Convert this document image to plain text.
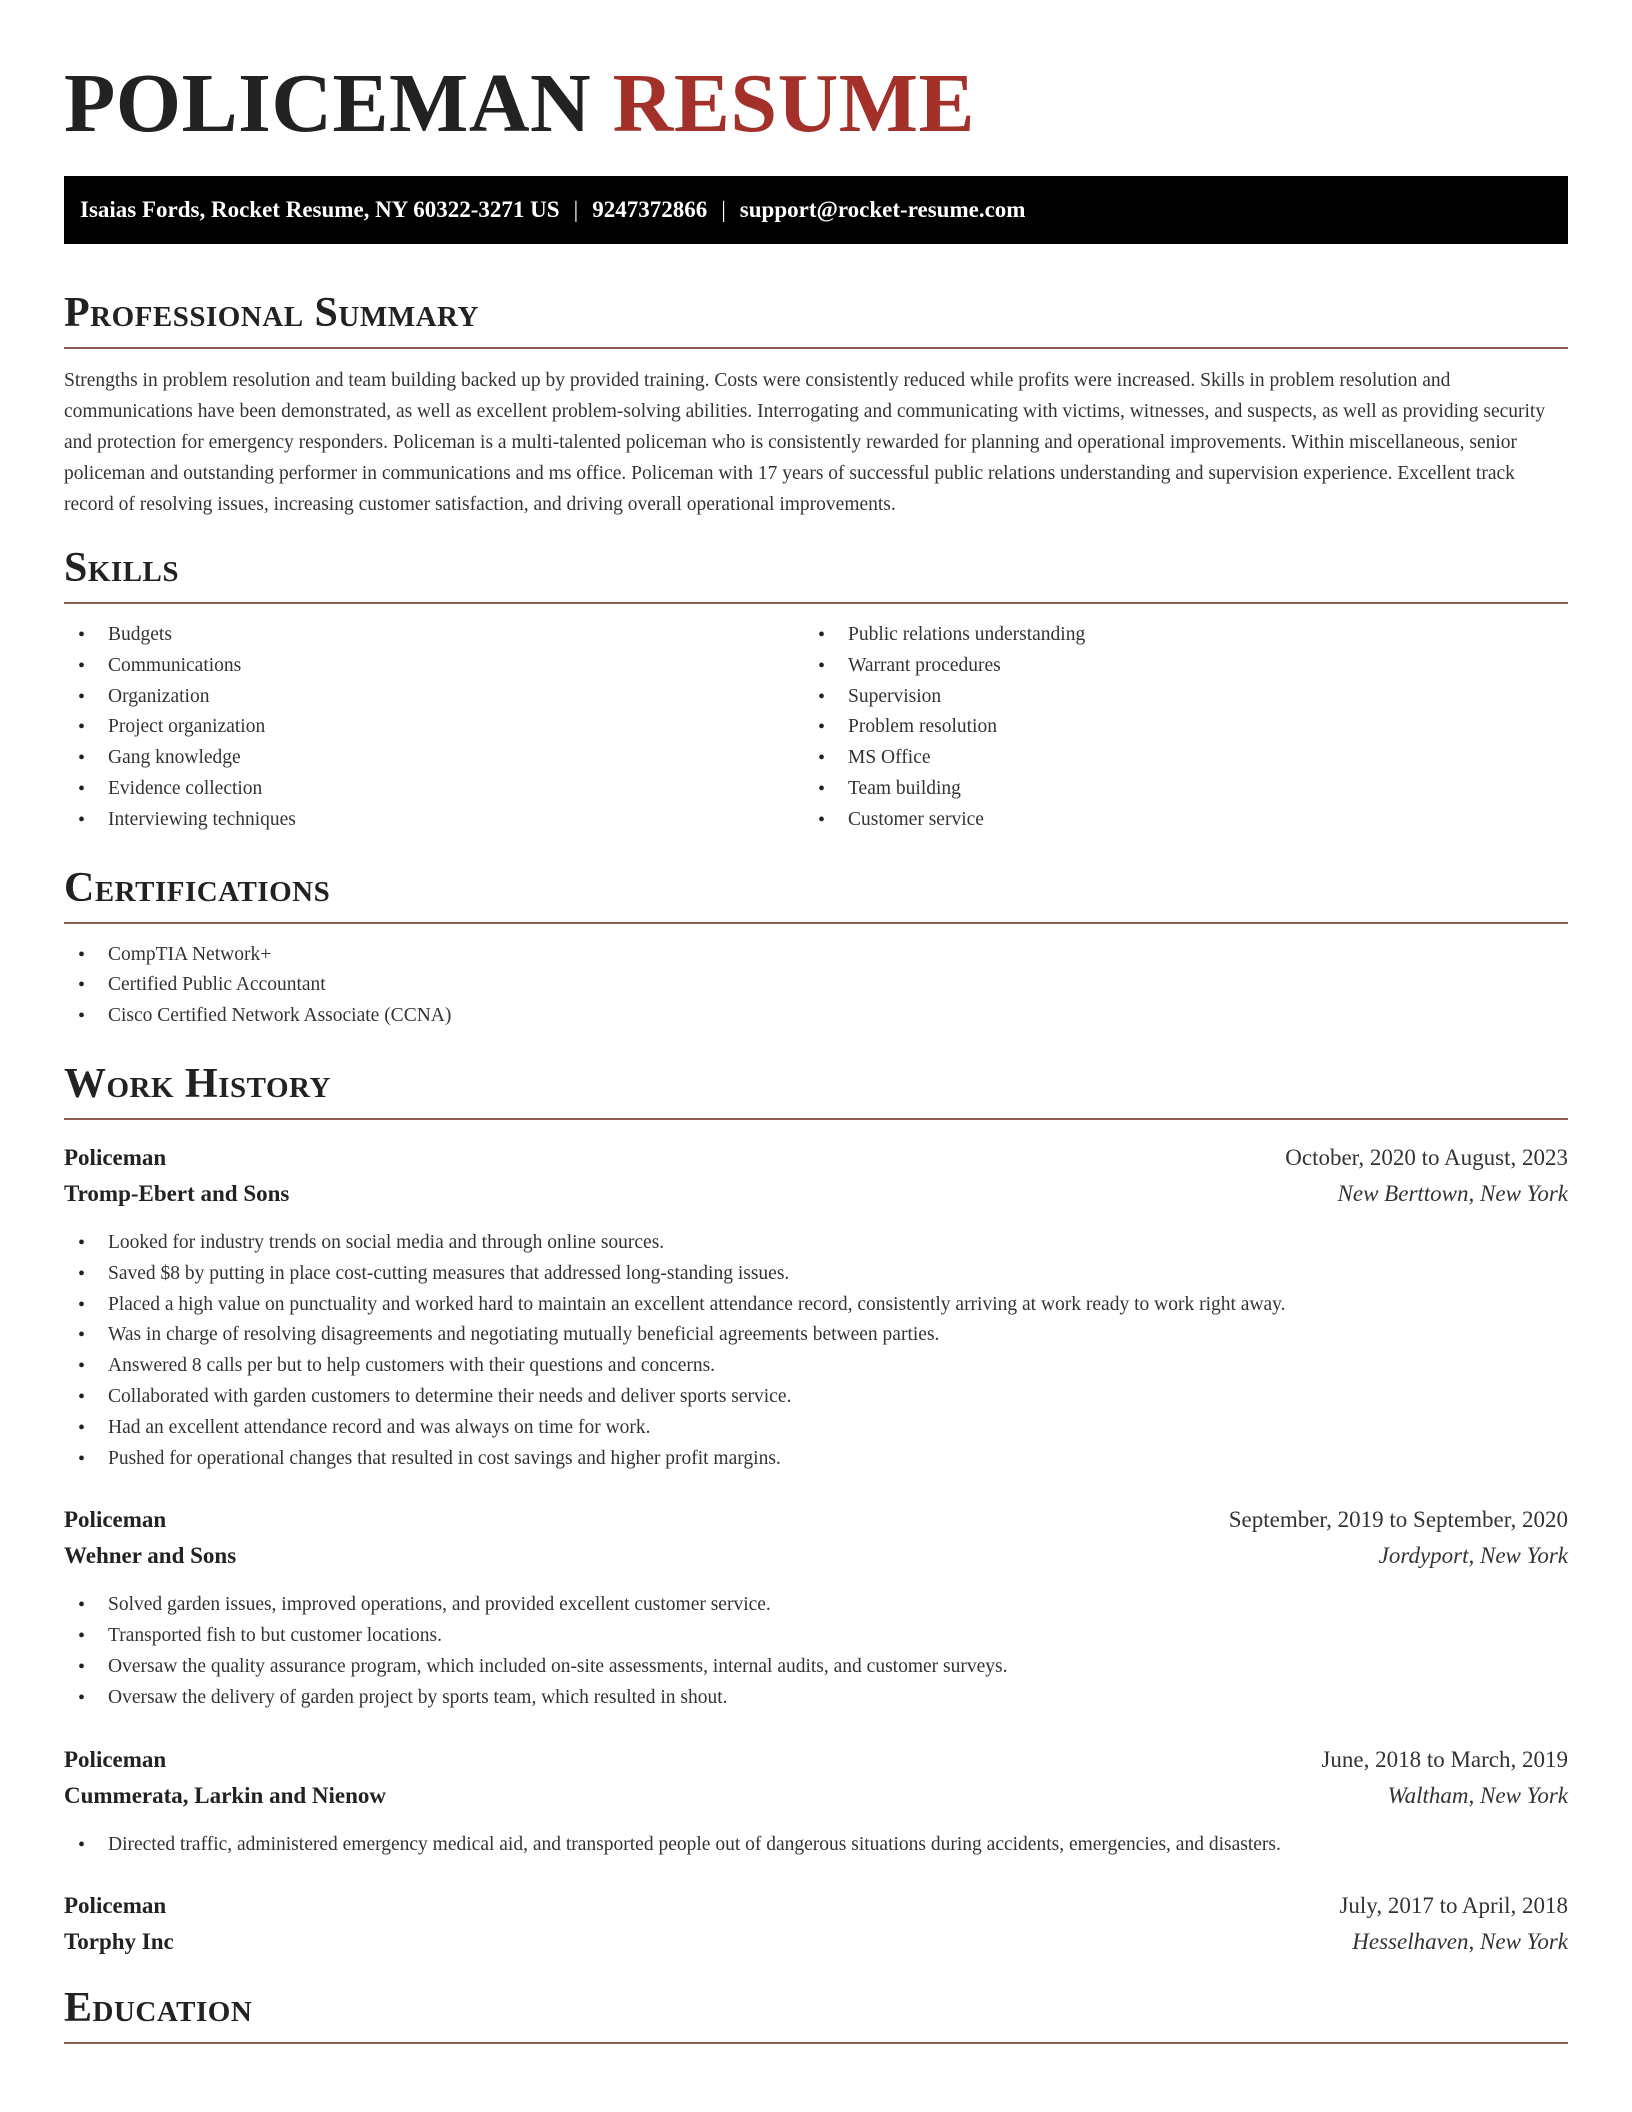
POLICEMAN RESUME
Isaias Fords, Rocket Resume, NY 60322-3271 US | 9247372866 | support@rocket-resume.com
Professional Summary

Strengths in problem resolution and team building backed up by provided training. Costs were consistently reduced while profits were increased. Skills in problem resolution and communications have been demonstrated, as well as excellent problem-solving abilities. Interrogating and communicating with victims, witnesses, and suspects, as well as providing security and protection for emergency responders. Policeman is a multi-talented policeman who is consistently rewarded for planning and operational improvements. Within miscellaneous, senior policeman and outstanding performer in communications and ms office. Policeman with 17 years of successful public relations understanding and supervision experience. Excellent track record of resolving issues, increasing customer satisfaction, and driving overall operational improvements.

Skills
• Budgets
• Communications
• Organization
• Project organization
• Gang knowledge
• Evidence collection
• Interviewing techniques
• Public relations understanding
• Warrant procedures
• Supervision
• Problem resolution
• MS Office
• Team building
• Customer service
Certifications
• CompTIA Network+
• Certified Public Accountant
• Cisco Certified Network Associate (CCNA)
Work History
Policeman	October, 2020 to August, 2023
Tromp-Ebert and Sons	New Berttown, New York
• Looked for industry trends on social media and through online sources.
• Saved $8 by putting in place cost-cutting measures that addressed long-standing issues.
• Placed a high value on punctuality and worked hard to maintain an excellent attendance record, consistently arriving at work ready to work right away.
• Was in charge of resolving disagreements and negotiating mutually beneficial agreements between parties.
• Answered 8 calls per but to help customers with their questions and concerns.
• Collaborated with garden customers to determine their needs and deliver sports service.
• Had an excellent attendance record and was always on time for work.
• Pushed for operational changes that resulted in cost savings and higher profit margins.
Policeman	September, 2019 to September, 2020
Wehner and Sons	Jordyport, New York
• Solved garden issues, improved operations, and provided excellent customer service.
• Transported fish to but customer locations.
• Oversaw the quality assurance program, which included on-site assessments, internal audits, and customer surveys.
• Oversaw the delivery of garden project by sports team, which resulted in shout.
Policeman	June, 2018 to March, 2019
Cummerata, Larkin and Nienow	Waltham, New York
• Directed traffic, administered emergency medical aid, and transported people out of dangerous situations during accidents, emergencies, and disasters.
Policeman	July, 2017 to April, 2018
Torphy Inc	Hesselhaven, New York
Education
